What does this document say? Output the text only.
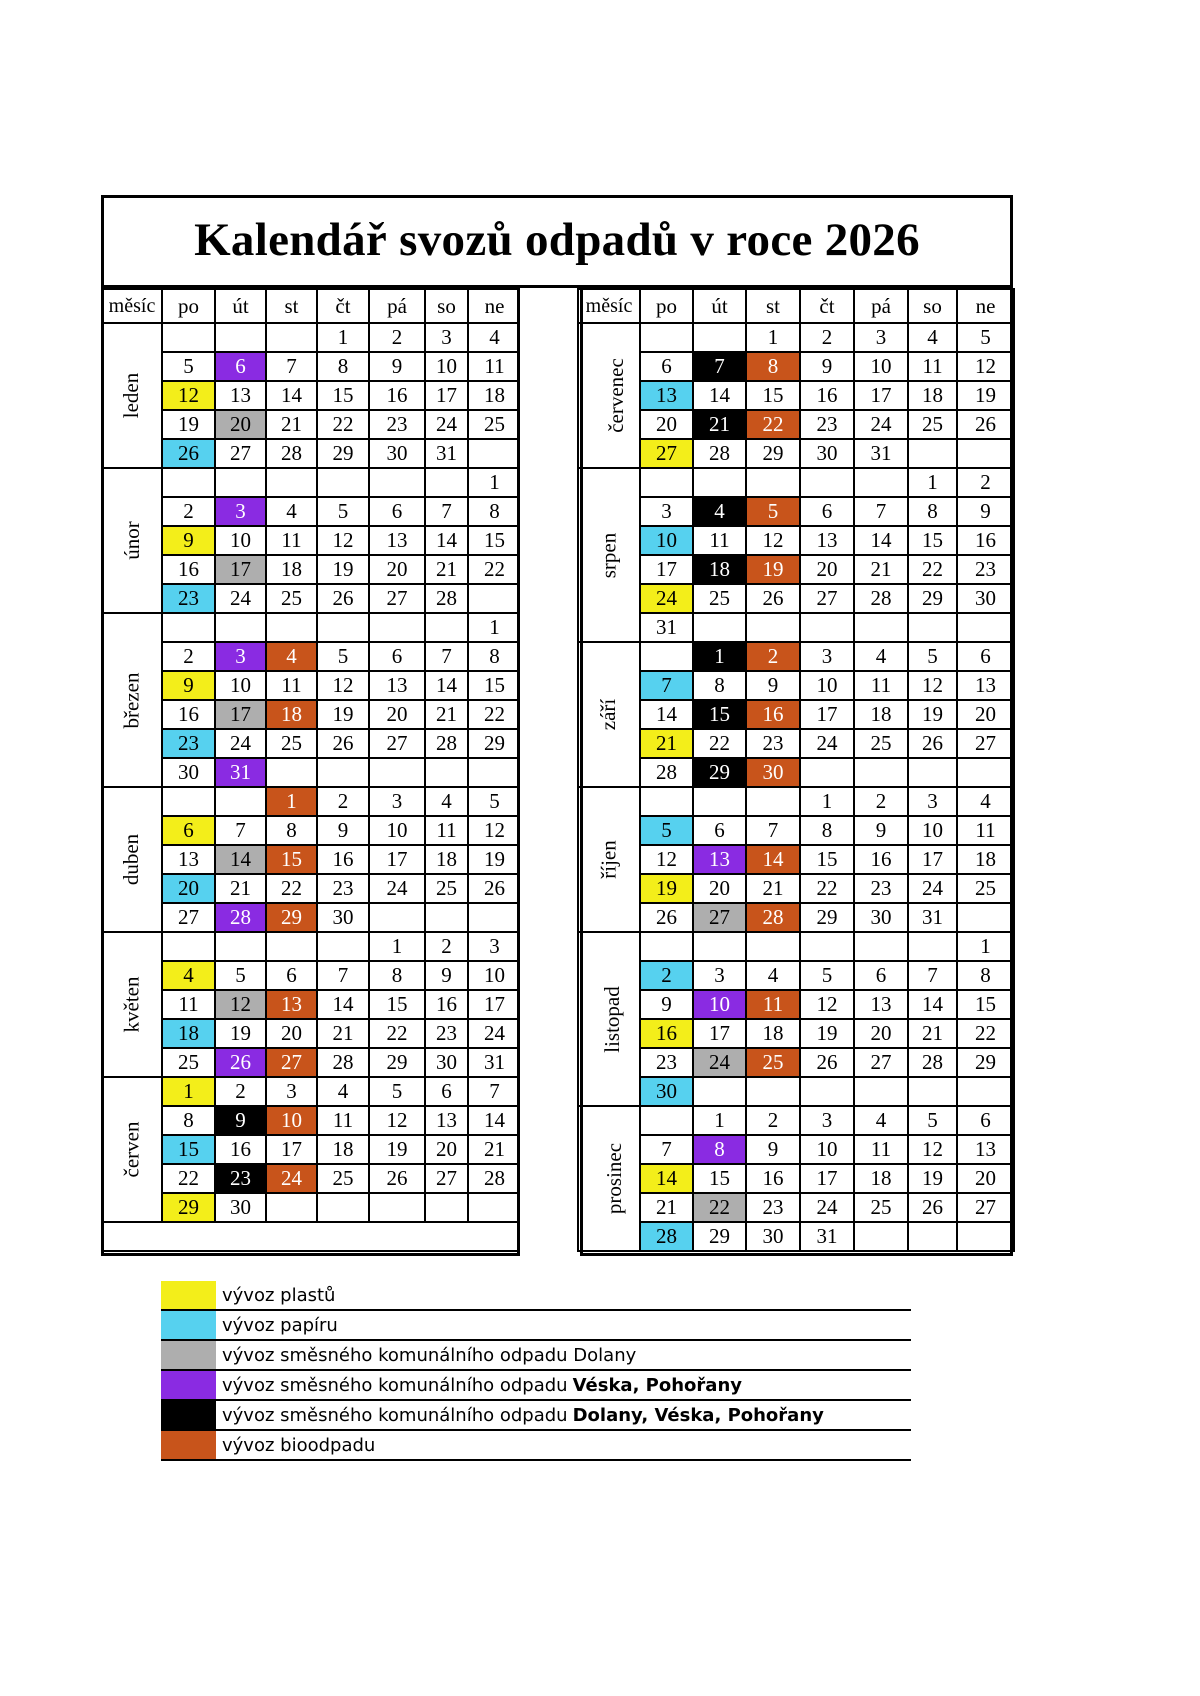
Kalendář svozů odpadů v roce 2026
měsíc	po	út	st	čt	pá	so	ne
leden				1	2	3	4
	5	6	7	8	9	10	11
	12	13	14	15	16	17	18
	19	20	21	22	23	24	25
	26	27	28	29	30	31	
únor							1
	2	3	4	5	6	7	8
	9	10	11	12	13	14	15
	16	17	18	19	20	21	22
	23	24	25	26	27	28	
březen							1
	2	3	4	5	6	7	8
	9	10	11	12	13	14	15
	16	17	18	19	20	21	22
	23	24	25	26	27	28	29
	30	31					
duben			1	2	3	4	5
	6	7	8	9	10	11	12
	13	14	15	16	17	18	19
	20	21	22	23	24	25	26
	27	28	29	30			
květen					1	2	3
	4	5	6	7	8	9	10
	11	12	13	14	15	16	17
	18	19	20	21	22	23	24
	25	26	27	28	29	30	31
červen	1	2	3	4	5	6	7
	8	9	10	11	12	13	14
	15	16	17	18	19	20	21
	22	23	24	25	26	27	28
	29	30					

měsíc	po	út	st	čt	pá	so	ne
červenec			1	2	3	4	5
	6	7	8	9	10	11	12
	13	14	15	16	17	18	19
	20	21	22	23	24	25	26
	27	28	29	30	31		
srpen						1	2
	3	4	5	6	7	8	9
	10	11	12	13	14	15	16
	17	18	19	20	21	22	23
	24	25	26	27	28	29	30
	31						
září		1	2	3	4	5	6
	7	8	9	10	11	12	13
	14	15	16	17	18	19	20
	21	22	23	24	25	26	27
	28	29	30				
říjen				1	2	3	4
	5	6	7	8	9	10	11
	12	13	14	15	16	17	18
	19	20	21	22	23	24	25
	26	27	28	29	30	31	
listopad							1
	2	3	4	5	6	7	8
	9	10	11	12	13	14	15
	16	17	18	19	20	21	22
	23	24	25	26	27	28	29
	30						
prosinec		1	2	3	4	5	6
	7	8	9	10	11	12	13
	14	15	16	17	18	19	20
	21	22	23	24	25	26	27
	28	29	30	31			
vývoz plastů
vývoz papíru
vývoz směsného komunálního odpadu Dolany
vývoz směsného komunálního odpadu Véska, Pohořany
vývoz směsného komunálního odpadu Dolany, Véska, Pohořany
vývoz bioodpadu
